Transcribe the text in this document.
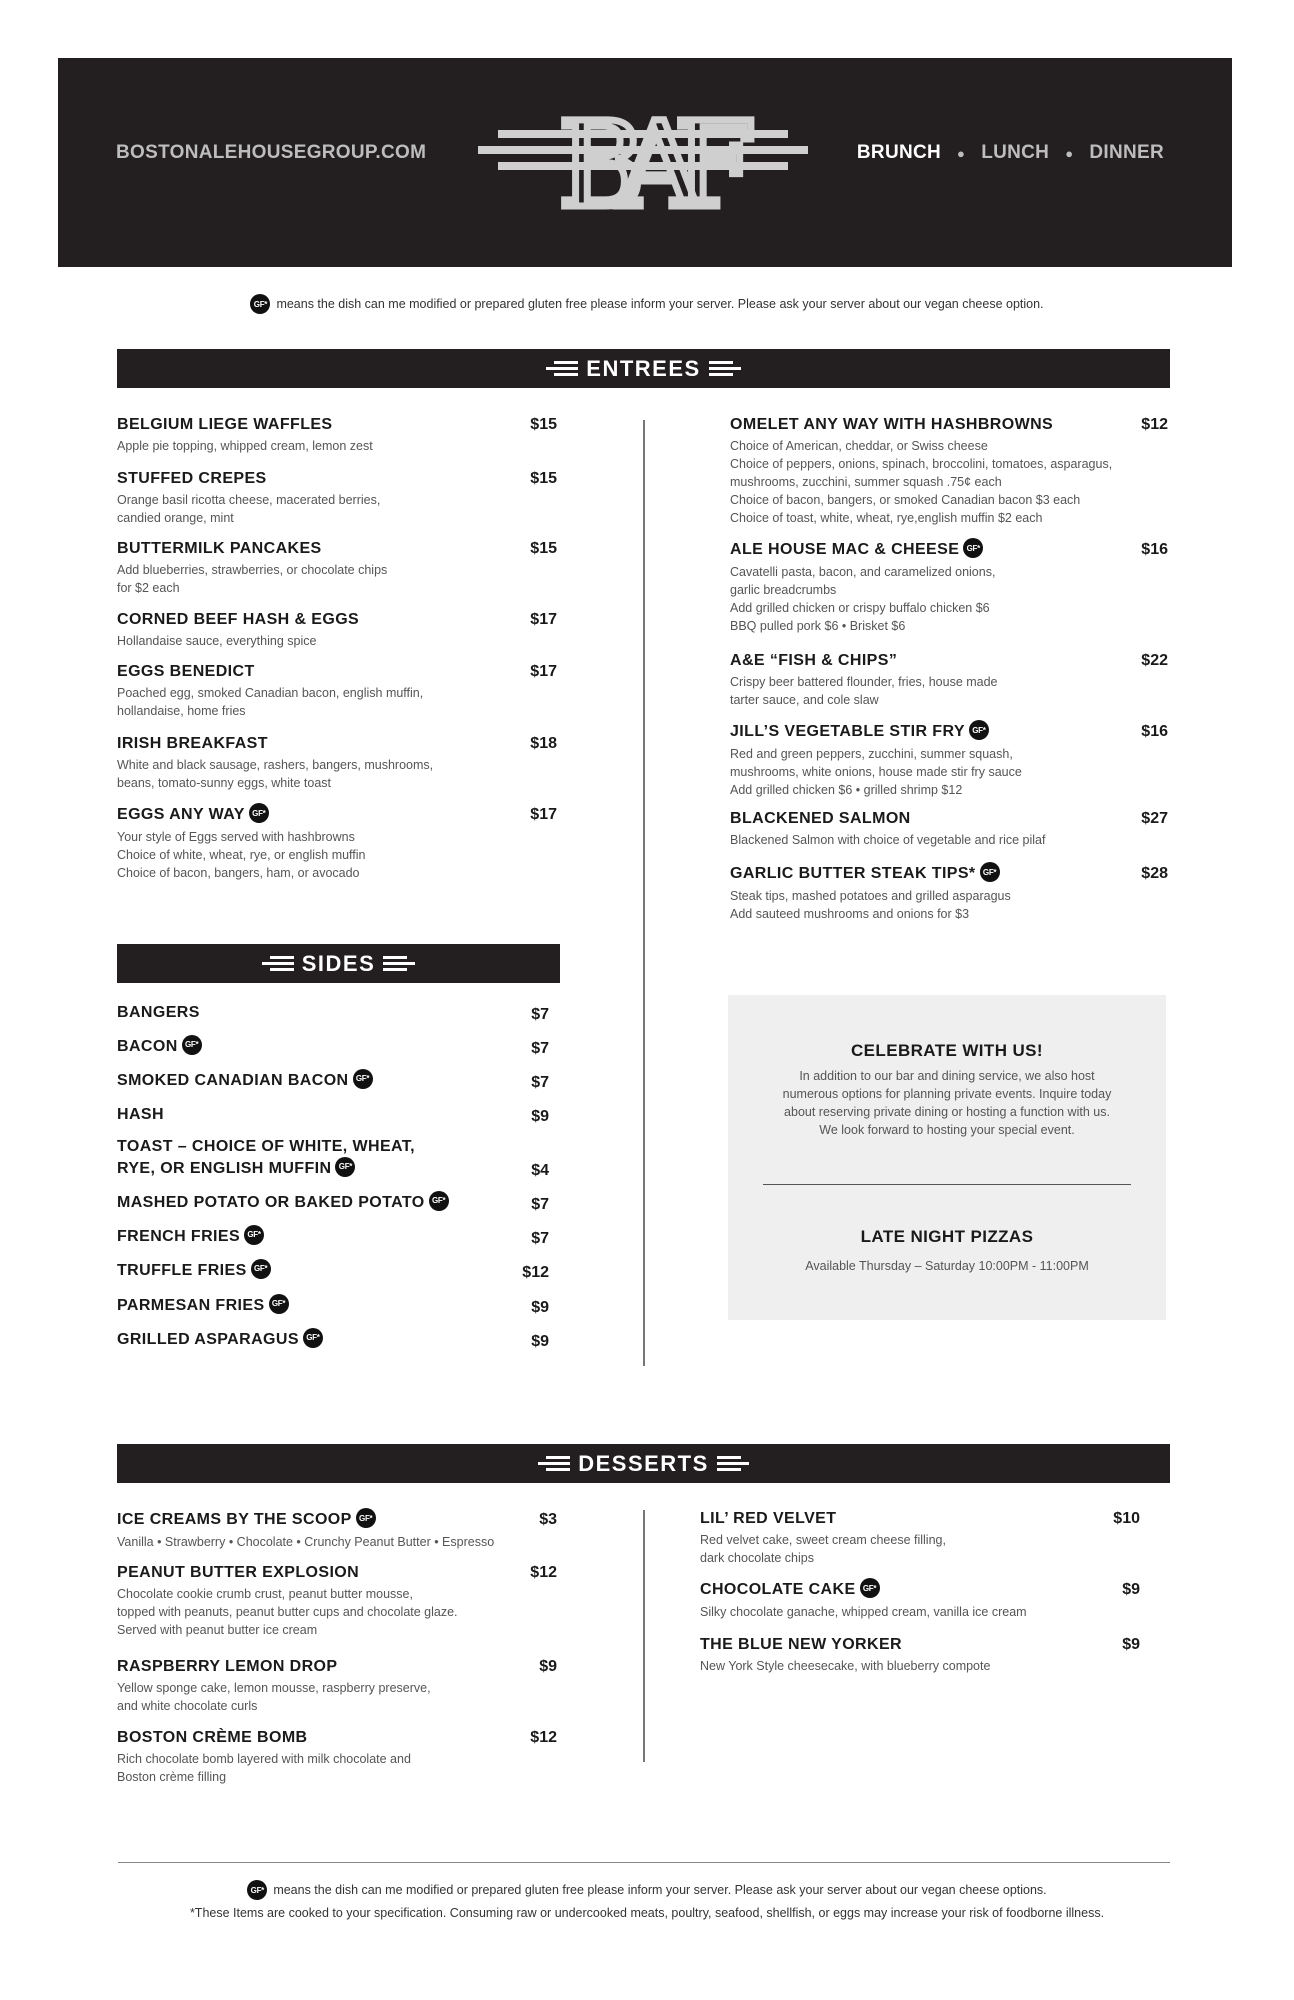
BOSTONALEHOUSEGROUP.COM BAF	BRUNCH ● LUNCH ● DINNER
GF* means the dish can me modified or prepared gluten free please inform your server. Please ask your server about our vegan cheese option.
ENTREES
BELGIUM LIEGE WAFFLES	$15
Apple pie topping, whipped cream, lemon zest
STUFFED CREPES	$15
Orange basil ricotta cheese, macerated berries,
candied orange, mint
BUTTERMILK PANCAKES	$15
Add blueberries, strawberries, or chocolate chips
for $2 each
CORNED BEEF HASH & EGGS	$17
Hollandaise sauce, everything spice
EGGS BENEDICT	$17
Poached egg, smoked Canadian bacon, english muffin,
hollandaise, home fries
IRISH BREAKFAST	$18
White and black sausage, rashers, bangers, mushrooms,
beans, tomato-sunny eggs, white toast
EGGS ANY WAY GF*	$17
Your style of Eggs served with hashbrowns
Choice of white, wheat, rye, or english muffin
Choice of bacon, bangers, ham, or avocado
OMELET ANY WAY WITH HASHBROWNS	$12
Choice of American, cheddar, or Swiss cheese
Choice of peppers, onions, spinach, broccolini, tomatoes, asparagus,
mushrooms, zucchini, summer squash .75¢ each
Choice of bacon, bangers, or smoked Canadian bacon $3 each
Choice of toast, white, wheat, rye,english muffin $2 each
ALE HOUSE MAC & CHEESE GF*	$16
Cavatelli pasta, bacon, and caramelized onions,
garlic breadcrumbs
Add grilled chicken or crispy buffalo chicken $6
BBQ pulled pork $6 • Brisket $6
A&E “FISH & CHIPS”	$22
Crispy beer battered flounder, fries, house made
tarter sauce, and cole slaw
JILL’S VEGETABLE STIR FRY GF*	$16
Red and green peppers, zucchini, summer squash,
mushrooms, white onions, house made stir fry sauce
Add grilled chicken $6 • grilled shrimp $12
BLACKENED SALMON	$27
Blackened Salmon with choice of vegetable and rice pilaf
GARLIC BUTTER STEAK TIPS* GF*	$28
Steak tips, mashed potatoes and grilled asparagus
Add sauteed mushrooms and onions for $3
SIDES
BANGERS	$7
BACON GF*	$7
SMOKED CANADIAN BACON GF*	$7
HASH	$9
TOAST – CHOICE OF WHITE, WHEAT,
RYE, OR ENGLISH MUFFIN GF*	$4
MASHED POTATO OR BAKED POTATO GF*	$7
FRENCH FRIES GF*	$7
TRUFFLE FRIES GF*	$12
PARMESAN FRIES GF*	$9
GRILLED ASPARAGUS GF*	$9
CELEBRATE WITH US!

In addition to our bar and dining service, we also host
numerous options for planning private events. Inquire today
about reserving private dining or hosting a function with us.
We look forward to hosting your special event.

LATE NIGHT PIZZAS

Available Thursday – Saturday 10:00PM - 11:00PM

DESSERTS
ICE CREAMS BY THE SCOOP GF*	$3
Vanilla • Strawberry • Chocolate • Crunchy Peanut Butter • Espresso
PEANUT BUTTER EXPLOSION	$12
Chocolate cookie crumb crust, peanut butter mousse,
topped with peanuts, peanut butter cups and chocolate glaze.
Served with peanut butter ice cream
RASPBERRY LEMON DROP	$9
Yellow sponge cake, lemon mousse, raspberry preserve,
and white chocolate curls
BOSTON CRÈME BOMB	$12
Rich chocolate bomb layered with milk chocolate and
Boston crème filling
LIL’ RED VELVET	$10
Red velvet cake, sweet cream cheese filling,
dark chocolate chips
CHOCOLATE CAKE GF*	$9
Silky chocolate ganache, whipped cream, vanilla ice cream
THE BLUE NEW YORKER	$9
New York Style cheesecake, with blueberry compote
GF* means the dish can me modified or prepared gluten free please inform your server. Please ask your server about our vegan cheese options.
*These Items are cooked to your specification. Consuming raw or undercooked meats, poultry, seafood, shellfish, or eggs may increase your risk of foodborne illness.
